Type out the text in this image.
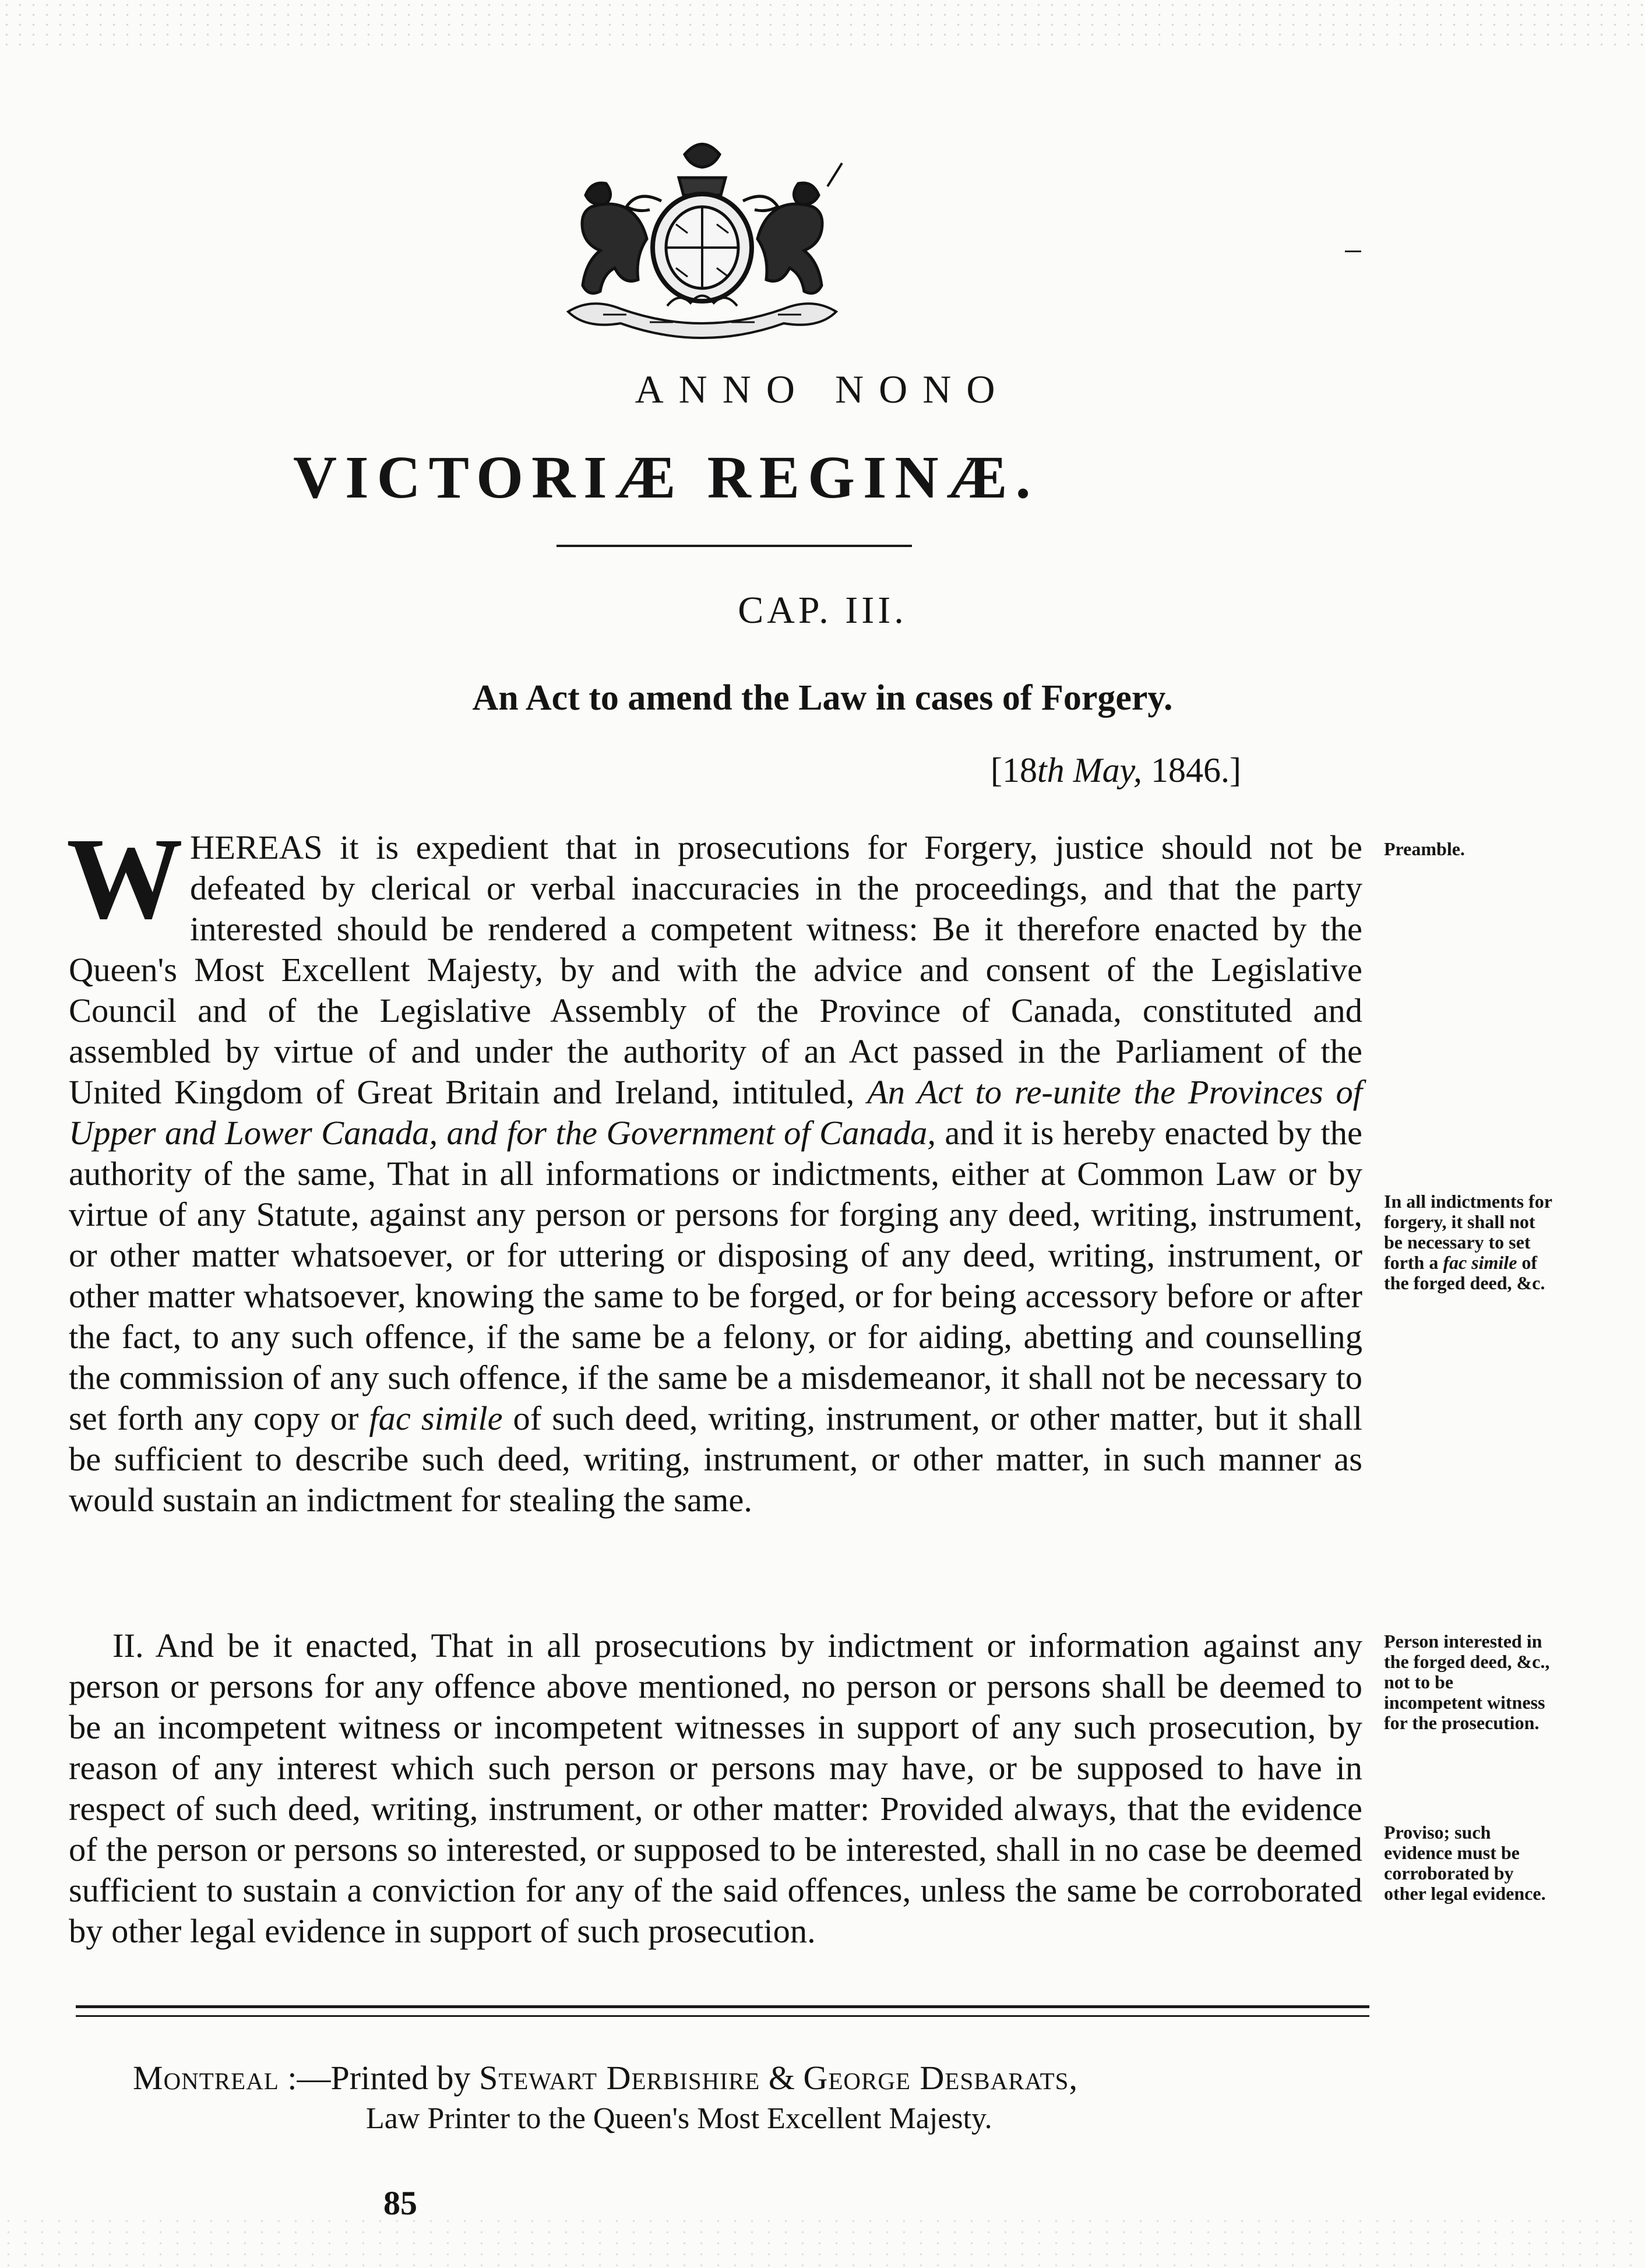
ANNO NONO
VICTORIÆ REGINÆ.
CAP. III.
An Act to amend the Law in cases of Forgery.
[18th May, 1846.]
WHEREAS it is expedient that in prosecutions for Forgery, justice should not be defeated by clerical or verbal inaccuracies in the proceedings, and that the party interested should be rendered a competent witness: Be it therefore enacted by the Queen's Most Excellent Majesty, by and with the advice and consent of the Legislative Council and of the Legislative Assembly of the Province of Canada, constituted and assembled by virtue of and under the authority of an Act passed in the Parliament of the United Kingdom of Great Britain and Ireland, intituled, An Act to re-unite the Provinces of Upper and Lower Canada, and for the Government of Canada, and it is hereby enacted by the authority of the same, That in all informations or indictments, either at Common Law or by virtue of any Statute, against any person or persons for forging any deed, writing, instrument, or other matter whatsoever, or for uttering or disposing of any deed, writing, instrument, or other matter whatsoever, knowing the same to be forged, or for being accessory before or after the fact, to any such offence, if the same be a felony, or for aiding, abetting and counselling the commission of any such offence, if the same be a misdemeanor, it shall not be necessary to set forth any copy or fac simile of such deed, writing, instrument, or other matter, but it shall be sufficient to describe such deed, writing, instrument, or other matter, in such manner as would sustain an indictment for stealing the same.
II. And be it enacted, That in all prosecutions by indictment or information against any person or persons for any offence above mentioned, no person or persons shall be deemed to be an incompetent witness or incompetent witnesses in support of any such prosecution, by reason of any interest which such person or persons may have, or be supposed to have in respect of such deed, writing, instrument, or other matter: Provided always, that the evidence of the person or persons so interested, or supposed to be interested, shall in no case be deemed sufficient to sustain a conviction for any of the said offences, unless the same be corroborated by other legal evidence in support of such prosecution.
Preamble.
In all indictments for forgery, it shall not be necessary to set forth a fac simile of the forged deed, &c.
Person interested in the forged deed, &c., not to be incompetent witness for the prosecution.
Proviso; such evidence must be corroborated by other legal evidence.
Montreal :—Printed by Stewart Derbishire & George Desbarats,
Law Printer to the Queen's Most Excellent Majesty.
85
